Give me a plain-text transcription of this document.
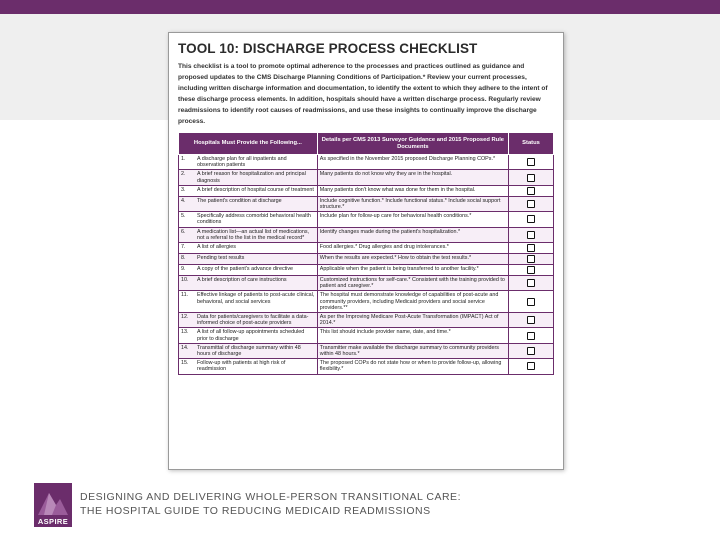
TOOL 10: DISCHARGE PROCESS CHECKLIST
This checklist is a tool to promote optimal adherence to the processes and practices outlined as guidance and proposed updates to the CMS Discharge Planning Conditions of Participation.* Review your current processes, including written discharge information and documentation, to identify the extent to which they adhere to the intent of these discharge process elements. In addition, hospitals should have a written discharge process. Regularly review readmissions to identify root causes of readmissions, and use these insights to continually improve the discharge process.
Hospitals Must Provide the Following...	Details per CMS 2013 Surveyor Guidance and 2015 Proposed Rule Documents	Status

1. A discharge plan for all inpatients and observation patients	As specified in the November 2015 proposed Discharge Planning COPs.*	

2. A brief reason for hospitalization and principal diagnosis	Many patients do not know why they are in the hospital.	

3. A brief description of hospital course of treatment	Many patients don't know what was done for them in the hospital.	

4. The patient's condition at discharge	Include cognitive function.* Include functional status.* Include social support structure.*	

5. Specifically address comorbid behavioral health conditions	Include plan for follow-up care for behavioral health conditions.*	

6. A medication list—an actual list of medications, not a referral to the list in the medical record*	Identify changes made during the patient's hospitalization.*	

7. A list of allergies	Food allergies.* Drug allergies and drug intolerances.*	

8. Pending test results	When the results are expected.* How to obtain the test results.*	

9. A copy of the patient's advance directive	Applicable when the patient is being transferred to another facility.*	

10. A brief description of care instructions	Customized instructions for self-care.* Consistent with the training provided to patient and caregiver.*	

11. Effective linkage of patients to post-acute clinical, behavioral, and social services	The hospital must demonstrate knowledge of capabilities of post-acute and community providers, including Medicaid providers and social service providers.**	

12. Data for patients/caregivers to facilitate a data-informed choice of post-acute providers	As per the Improving Medicare Post-Acute Transformation (IMPACT) Act of 2014.*	

13. A list of all follow-up appointments scheduled prior to discharge	This list should include provider name, date, and time.*	

14. Transmittal of discharge summary within 48 hours of discharge	Transmitter make available the discharge summary to community providers within 48 hours.*	

15. Follow-up with patients at high risk of readmission	The proposed COPs do not state how or when to provide follow-up, allowing flexibility.*	
ASPIRE
DESIGNING AND DELIVERING WHOLE-PERSON TRANSITIONAL CARE:
THE HOSPITAL GUIDE TO REDUCING MEDICAID READMISSIONS
